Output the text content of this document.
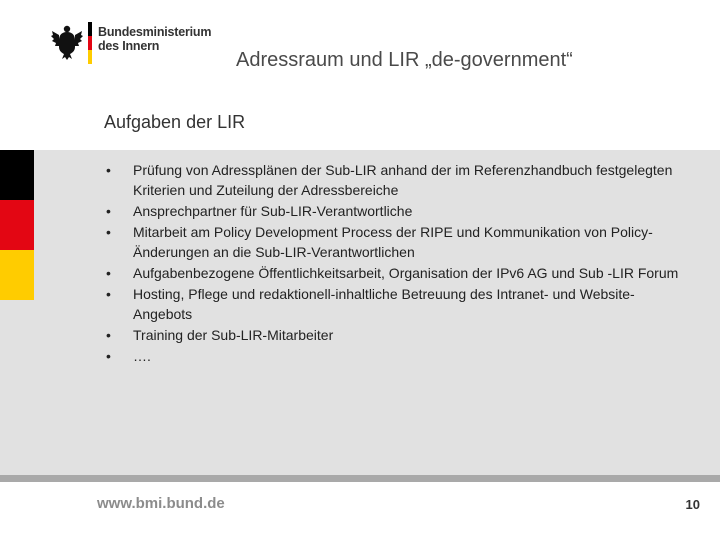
Bundesministerium
des Innern
Adressraum und LIR „de-government“
Aufgaben der LIR
• Prüfung von Adressplänen der Sub-LIR anhand der im Referenzhandbuch festgelegten Kriterien und Zuteilung der Adressbereiche
• Ansprechpartner für Sub-LIR-Verantwortliche
• Mitarbeit am Policy Development Process der RIPE und Kommunikation von Policy-Änderungen an die Sub-LIR-Verantwortlichen
• Aufgabenbezogene Öffentlichkeitsarbeit, Organisation der IPv6 AG und Sub -LIR Forum
• Hosting, Pflege und redaktionell-inhaltliche Betreuung des Intranet- und Website-Angebots
• Training der Sub-LIR-Mitarbeiter
• ….
www.bmi.bund.de	10
